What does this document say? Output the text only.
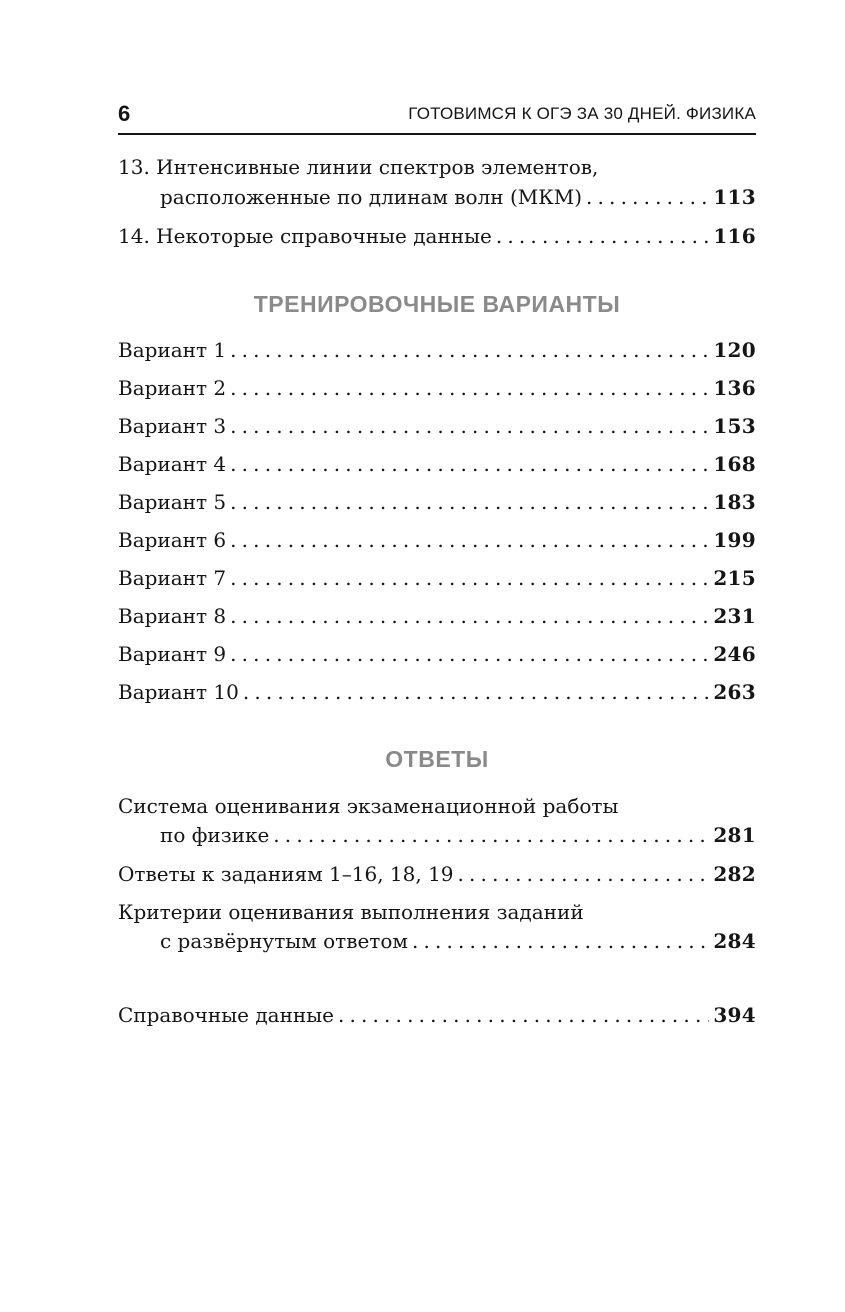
6	ГОТОВИМСЯ К ОГЭ ЗА 30 ДНЕЙ. ФИЗИКА
13. Интенсивные линии спектров элементов,
расположенные по длинам волн (МКМ) . . .	113
14. Некоторые справочные данные . . .	116
ТРЕНИРОВОЧНЫЕ ВАРИАНТЫ
Вариант 1 . . .	120
Вариант 2 . . .	136
Вариант 3 . . .	153
Вариант 4 . . .	168
Вариант 5 . . .	183
Вариант 6 . . .	199
Вариант 7 . . .	215
Вариант 8 . . .	231
Вариант 9 . . .	246
Вариант 10 . . .	263
ОТВЕТЫ
Система оценивания экзаменационной работы
по физике . . .	281
Ответы к заданиям 1–16, 18, 19 . . .	282
Критерии оценивания выполнения заданий
с развёрнутым ответом . . .	284
Справочные данные . . .	394
